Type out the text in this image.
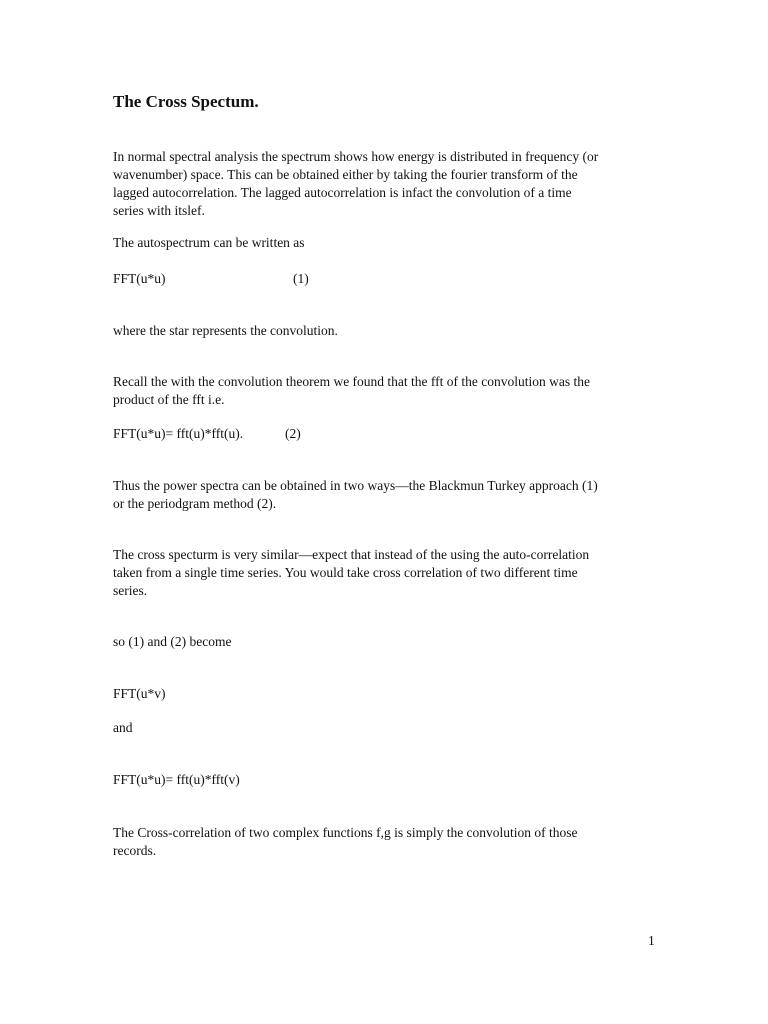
The Cross Spectum.
In normal spectral analysis the spectrum shows how energy is distributed in frequency (or
wavenumber) space. This can be obtained either by taking the fourier transform of the
lagged autocorrelation. The lagged autocorrelation is infact the convolution of a time
series with itslef.
The autospectrum can be written as
FFT(u*u)	(1)
where the star represents the convolution.
Recall the with the convolution theorem we found that the fft of the convolution was the
product of the fft i.e.
FFT(u*u)= fft(u)*fft(u).	(2)
Thus the power spectra can be obtained in two ways—the Blackmun Turkey approach (1)
or the periodgram method (2).
The cross specturm is very similar—expect that instead of the using the auto-correlation
taken from a single time series. You would take cross correlation of two different time
series.
so (1) and (2) become
FFT(u*v)
and
FFT(u*u)= fft(u)*fft(v)
The Cross-correlation of two complex functions f,g is simply the convolution of those
records.
1
